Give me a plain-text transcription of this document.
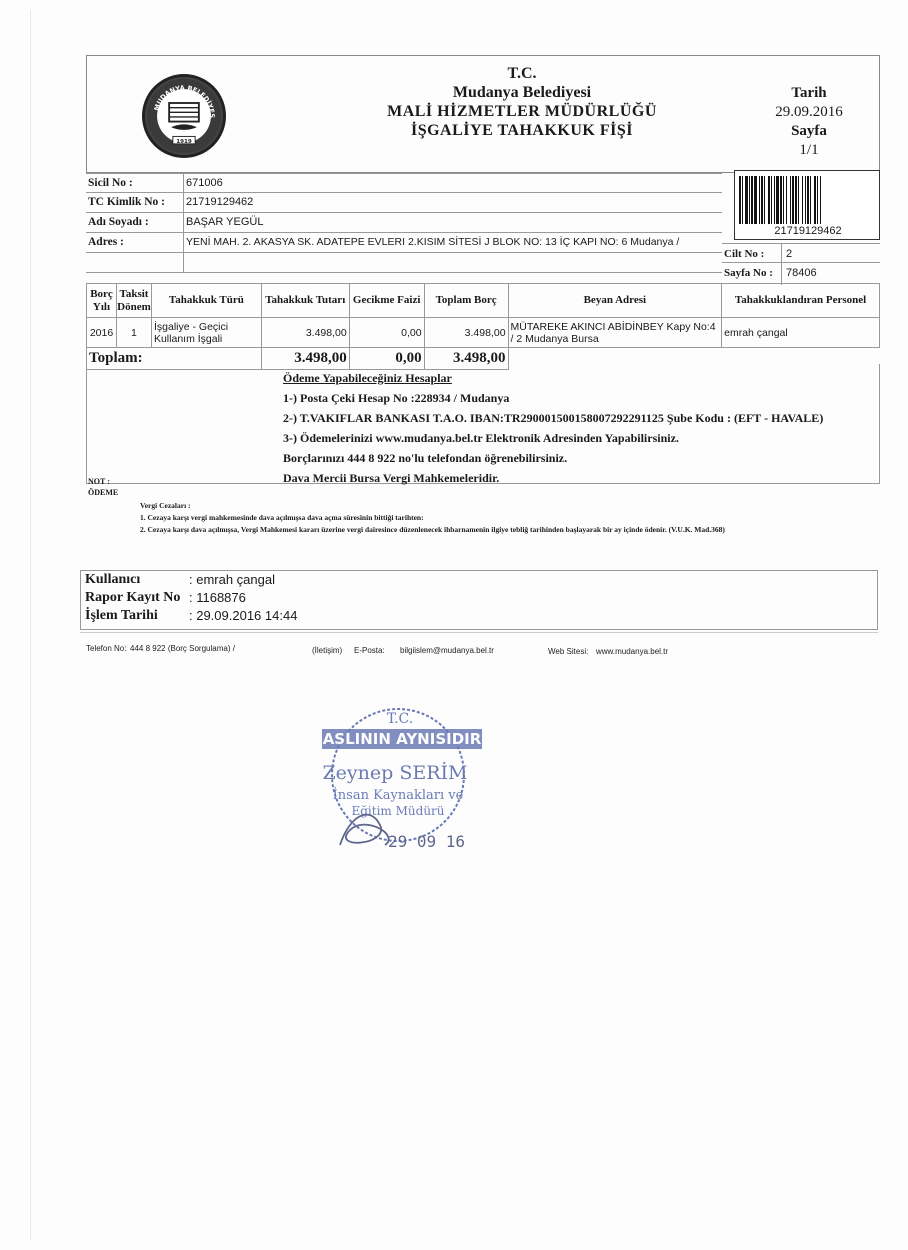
1919
MUDANYA BELEDİYES
T.C.
Mudanya Belediyesi
MALİ HİZMETLER MÜDÜRLÜĞÜ
İŞGALİYE TAHAKKUK FİŞİ
Tarih
29.09.2016
Sayfa
1/1
Sicil No :	671006
TC Kimlik No :	21719129462
Adı Soyadı :	BAŞAR YEGÜL
Adres :	YENİ MAH. 2. AKASYA SK. ADATEPE EVLERI 2.KISIM SİTESİ J BLOK NO: 13 İÇ KAPI NO: 6 Mudanya /
21719129462
Cilt No :	2
Sayfa No :	78406
Borç Yılı	Taksit Dönem	Tahakkuk Türü	Tahakkuk Tutarı	Gecikme Faizi	Toplam Borç	Beyan Adresi	Tahakkuklandıran Personel
2016	1	İşgaliye - Geçici Kullanım İşgali	3.498,00	0,00	3.498,00	MÜTAREKE AKINCI ABİDİNBEY Kapy No:4 / 2 Mudanya Bursa	emrah çangal
Toplam:			3.498,00	0,00	3.498,00		
Ödeme Yapabileceğiniz Hesaplar
1-) Posta Çeki Hesap No :228934 / Mudanya
2-) T.VAKIFLAR BANKASI T.A.O. IBAN:TR290001500158007292291125 Şube Kodu : (EFT - HAVALE)
3-) Ödemelerinizi www.mudanya.bel.tr Elektronik Adresinden Yapabilirsiniz.
Borçlarınızı 444 8 922 no'lu telefondan öğrenebilirsiniz.
Dava Mercii Bursa Vergi Mahkemeleridir.
NOT :
ÖDEME
Vergi Cezaları :
1. Cezaya karşı vergi mahkemesinde dava açılmışsa dava açma süresinin bittiği tarihten:
2. Cezaya karşı dava açılmışsa, Vergi Mahkemesi kararı üzerine vergi dairesince düzenlenecek ihbarnamenin ilgiye tebliğ tarihinden başlayarak bir ay içinde ödenir. (V.U.K. Mad.368)
Kullanıcı	: emrah çangal
Rapor Kayıt No : 1168876
İşlem Tarihi	: 29.09.2016 14:44
Telefon No: 444 8 922 (Borç Sorgulama) /	(İletişim) E-Posta: bilgiislem@mudanya.bel.tr	Web Sitesi: www.mudanya.bel.tr
T.C.
ASLININ AYNISIDIR
Zeynep SERİM
İnsan Kaynakları ve
Eğitim Müdürü
29 09 16
